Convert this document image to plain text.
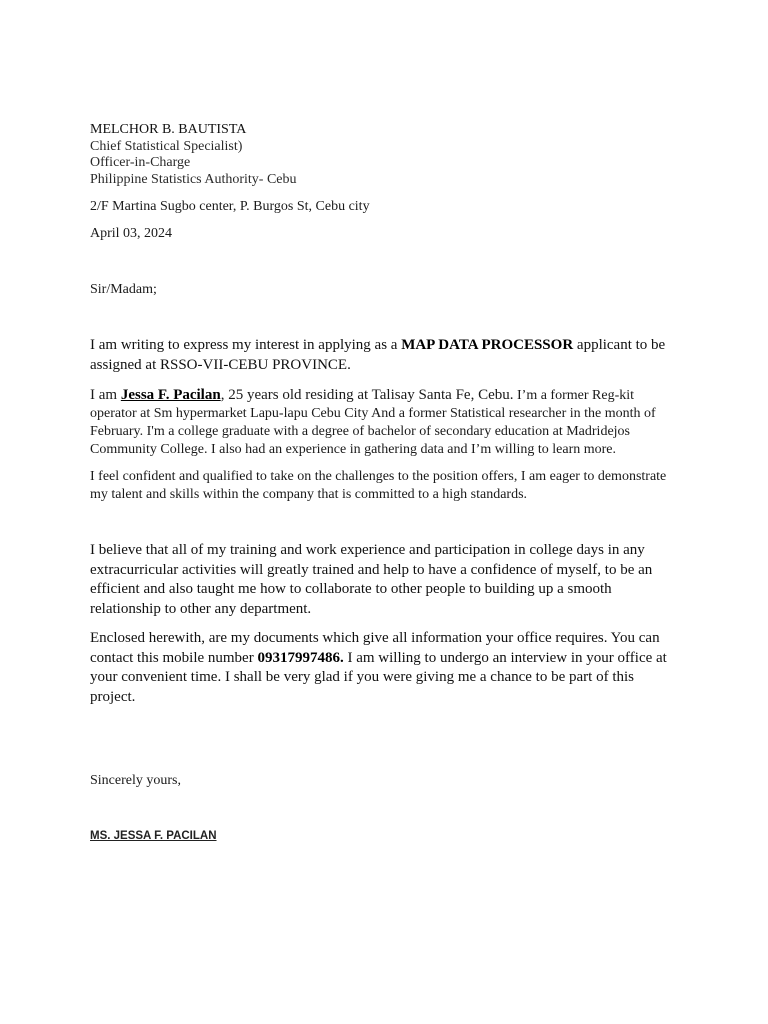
MELCHOR B. BAUTISTA
Chief Statistical Specialist)
Officer-in-Charge
Philippine Statistics Authority- Cebu

2/F Martina Sugbo center, P. Burgos St, Cebu city

April 03, 2024

Sir/Madam;

I am writing to express my interest in applying as a MAP DATA PROCESSOR applicant to be assigned at RSSO-VII-CEBU PROVINCE.

I am Jessa F. Pacilan, 25 years old residing at Talisay Santa Fe, Cebu. I’m a former Reg-kit operator at Sm hypermarket Lapu-lapu Cebu City And a former Statistical researcher in the month of February. I'm a college graduate with a degree of bachelor of secondary education at Madridejos Community College. I also had an experience in gathering data and I’m willing to learn more.

I feel confident and qualified to take on the challenges to the position offers, I am eager to demonstrate my talent and skills within the company that is committed to a high standards.

I believe that all of my training and work experience and participation in college days in any extracurricular activities will greatly trained and help to have a confidence of myself, to be an efficient and also taught me how to collaborate to other people to building up a smooth relationship to other any department.

Enclosed herewith, are my documents which give all information your office requires. You can contact this mobile number 09317997486. I am willing to undergo an interview in your office at your convenient time. I shall be very glad if you were giving me a chance to be part of this project.

Sincerely yours,

MS. JESSA F. PACILAN
